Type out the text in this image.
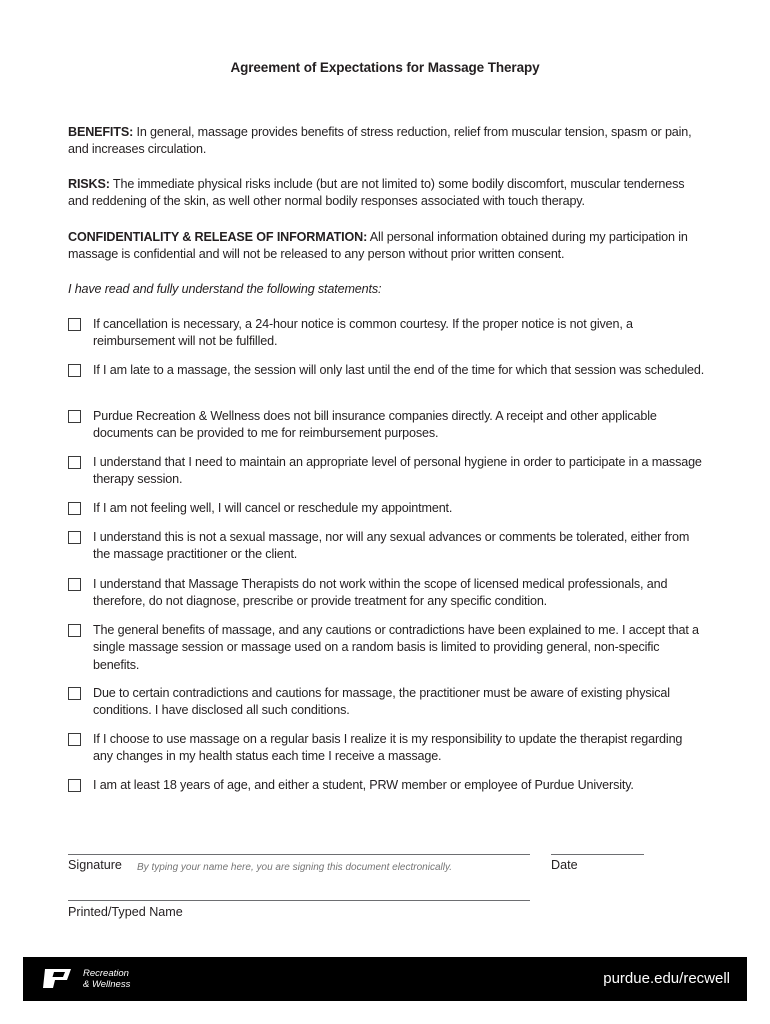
Agreement of Expectations for Massage Therapy
BENEFITS: In general, massage provides benefits of stress reduction, relief from muscular tension, spasm or pain, and increases circulation.
RISKS: The immediate physical risks include (but are not limited to) some bodily discomfort, muscular tenderness and reddening of the skin, as well other normal bodily responses associated with touch therapy.
CONFIDENTIALITY & RELEASE OF INFORMATION: All personal information obtained during my participation in massage is confidential and will not be released to any person without prior written consent.
I have read and fully understand the following statements:
If cancellation is necessary, a 24-hour notice is common courtesy. If the proper notice is not given, a reimbursement will not be fulfilled.
If I am late to a massage, the session will only last until the end of the time for which that session was scheduled.
Purdue Recreation & Wellness does not bill insurance companies directly. A receipt and other applicable documents can be provided to me for reimbursement purposes.
I understand that I need to maintain an appropriate level of personal hygiene in order to participate in a massage therapy session.
If I am not feeling well, I will cancel or reschedule my appointment.
I understand this is not a sexual massage, nor will any sexual advances or comments be tolerated, either from the massage practitioner or the client.
I understand that Massage Therapists do not work within the scope of licensed medical professionals, and therefore, do not diagnose, prescribe or provide treatment for any specific condition.
The general benefits of massage, and any cautions or contradictions have been explained to me. I accept that a single massage session or massage used on a random basis is limited to providing general, non-specific benefits.
Due to certain contradictions and cautions for massage, the practitioner must be aware of existing physical conditions. I have disclosed all such conditions.
If I choose to use massage on a regular basis I realize it is my responsibility to update the therapist regarding any changes in my health status each time I receive a massage.
I am at least 18 years of age, and either a student, PRW member or employee of Purdue University.
Signature
By typing your name here, you are signing this document electronically.	Date
Printed/Typed Name
Recreation
& Wellness	purdue.edu/recwell
